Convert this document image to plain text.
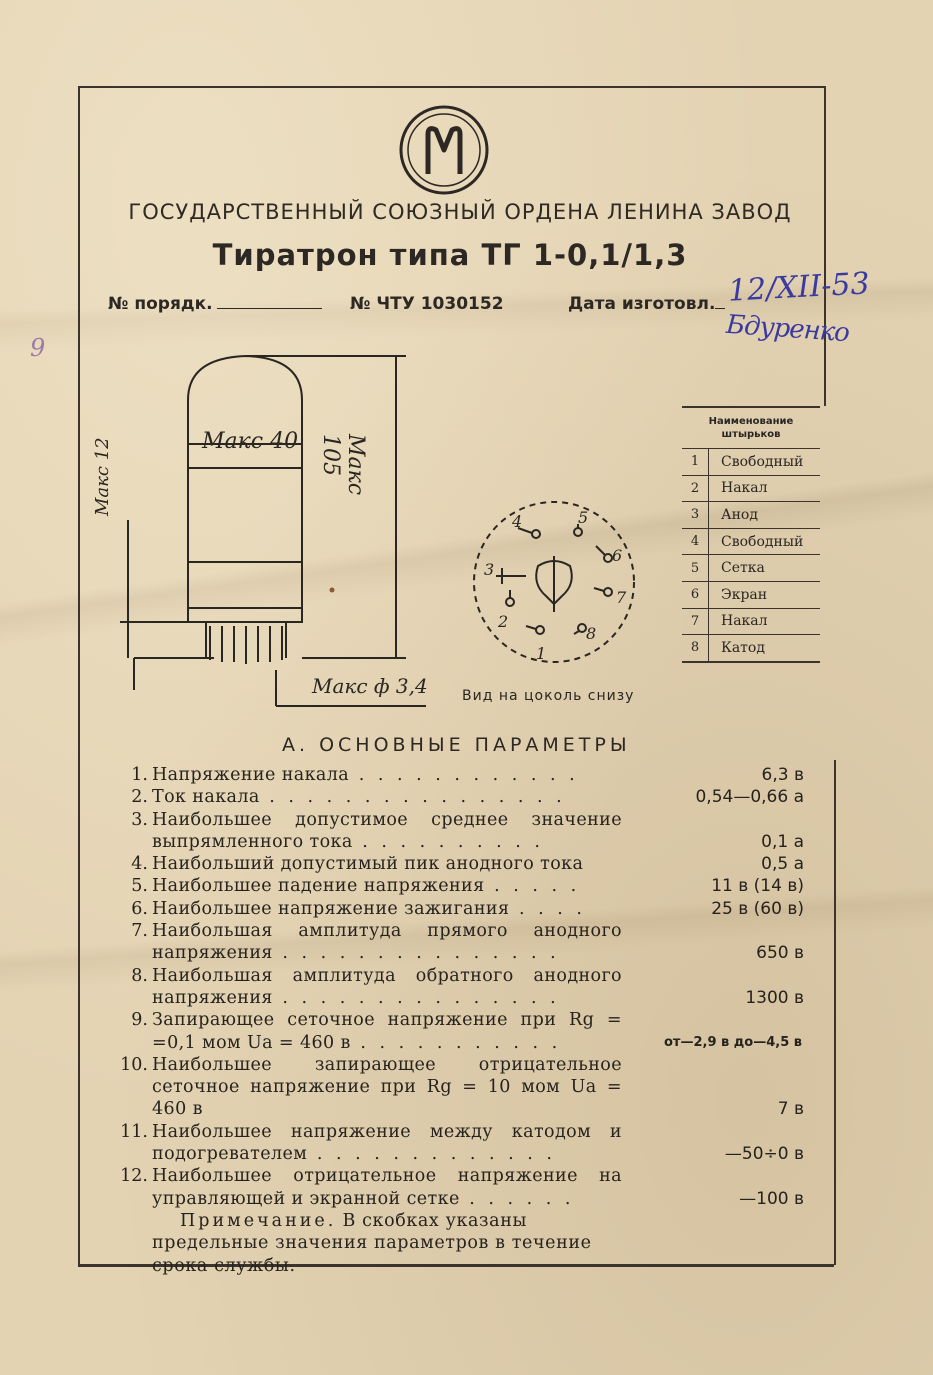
ГОСУДАРСТВЕННЫЙ СОЮЗНЫЙ ОРДЕНА ЛЕНИНА ЗАВОД
Тиратрон типа ТГ 1-0,1/1,3
№ порядк.	№ ЧТУ 1030152	Дата изготовл. 12/XII-53
Бдуренко
9
Макс 40	Макс 105
Макс 12
Макс ф 3,4
1
2
3
4	5
6
7
8
Вид на цоколь снизу
Наименование штырьков	
1	Свободный
2	Накал
3	Анод
4	Свободный
5	Сетка
6	Экран
7	Накал
8	Катод
А. ОСНОВНЫЕ ПАРАМЕТРЫ
1. Напряжение накала . . . . . . . . . . . .	6,3 в
2. Ток накала . . . . . . . . . . . . . . . .	0,54—0,66 а
3. Наибольшее допустимое среднее значение выпрямленного тока . . . . . . . . . .	0,1 а
4. Наибольший допустимый пик анодного тока	0,5 а
5. Наибольшее падение напряжения . . . . .	11 в (14 в)
6. Наибольшее напряжение зажигания . . . .	25 в (60 в)
7. Наибольшая амплитуда прямого анодного напряжения . . . . . . . . . . . . . . .	650 в
8. Наибольшая амплитуда обратного анодного напряжения . . . . . . . . . . . . . . .	1300 в
9. Запирающее сеточное напряжение при Rg = =0,1 мом Uа = 460 в . . . . . . . . . . .	от—2,9 в до—4,5 в
10. Наибольшее запирающее отрицательное сеточное напряжение при Rg = 10 мом Uа = 460 в	7 в
11. Наибольшее напряжение между катодом и подогревателем . . . . . . . . . . . . .	—50÷0 в
12. Наибольшее отрицательное напряжение на управляющей и экранной сетке . . . . . .	—100 в
Примечание. В скобках указаны предельные значения параметров в течение срока службы.
